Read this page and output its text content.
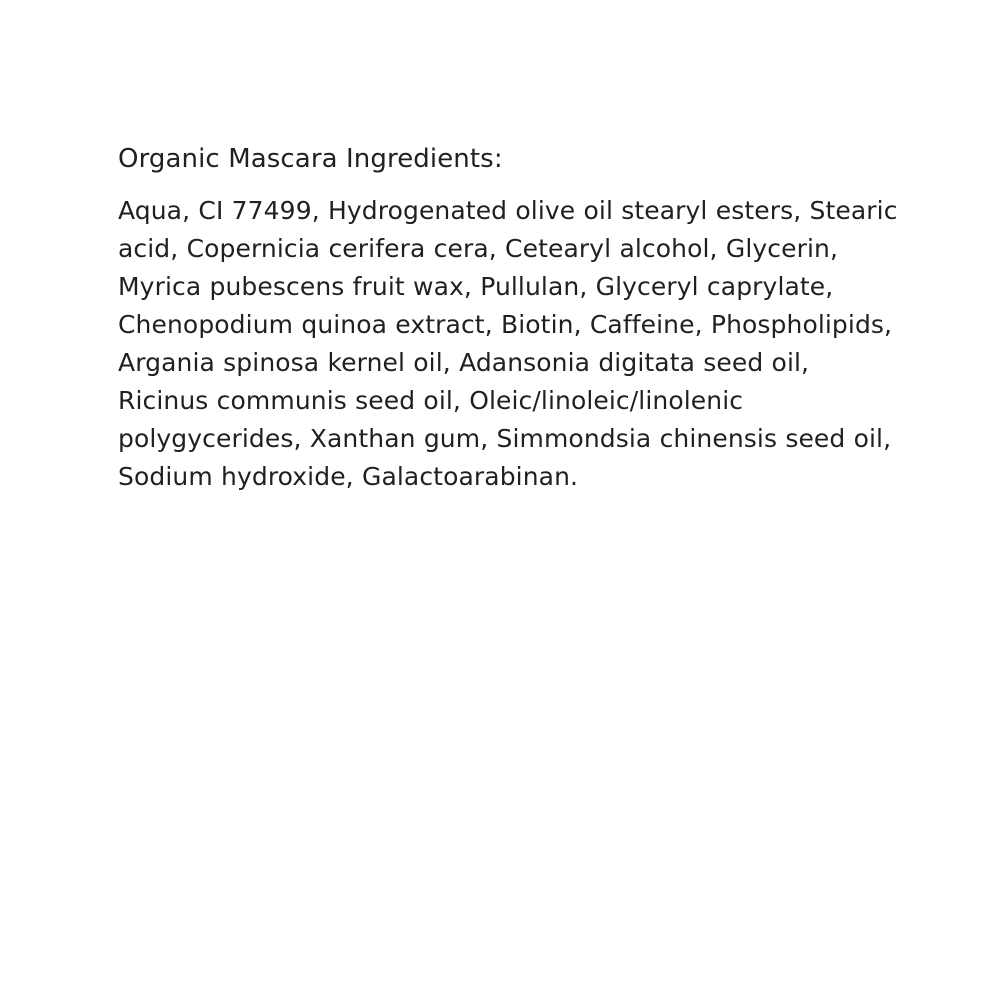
Organic Mascara Ingredients:

Aqua, CI 77499, Hydrogenated olive oil stearyl esters, Stearic acid, Copernicia cerifera cera, Cetearyl alcohol, Glycerin, Myrica pubescens fruit wax, Pullulan, Glyceryl caprylate, Chenopodium quinoa extract, Biotin, Caffeine, Phospholipids, Argania spinosa kernel oil, Adansonia digitata seed oil, Ricinus communis seed oil, Oleic/linoleic/linolenic polygycerides, Xanthan gum, Simmondsia chinensis seed oil, Sodium hydroxide, Galactoarabinan.
